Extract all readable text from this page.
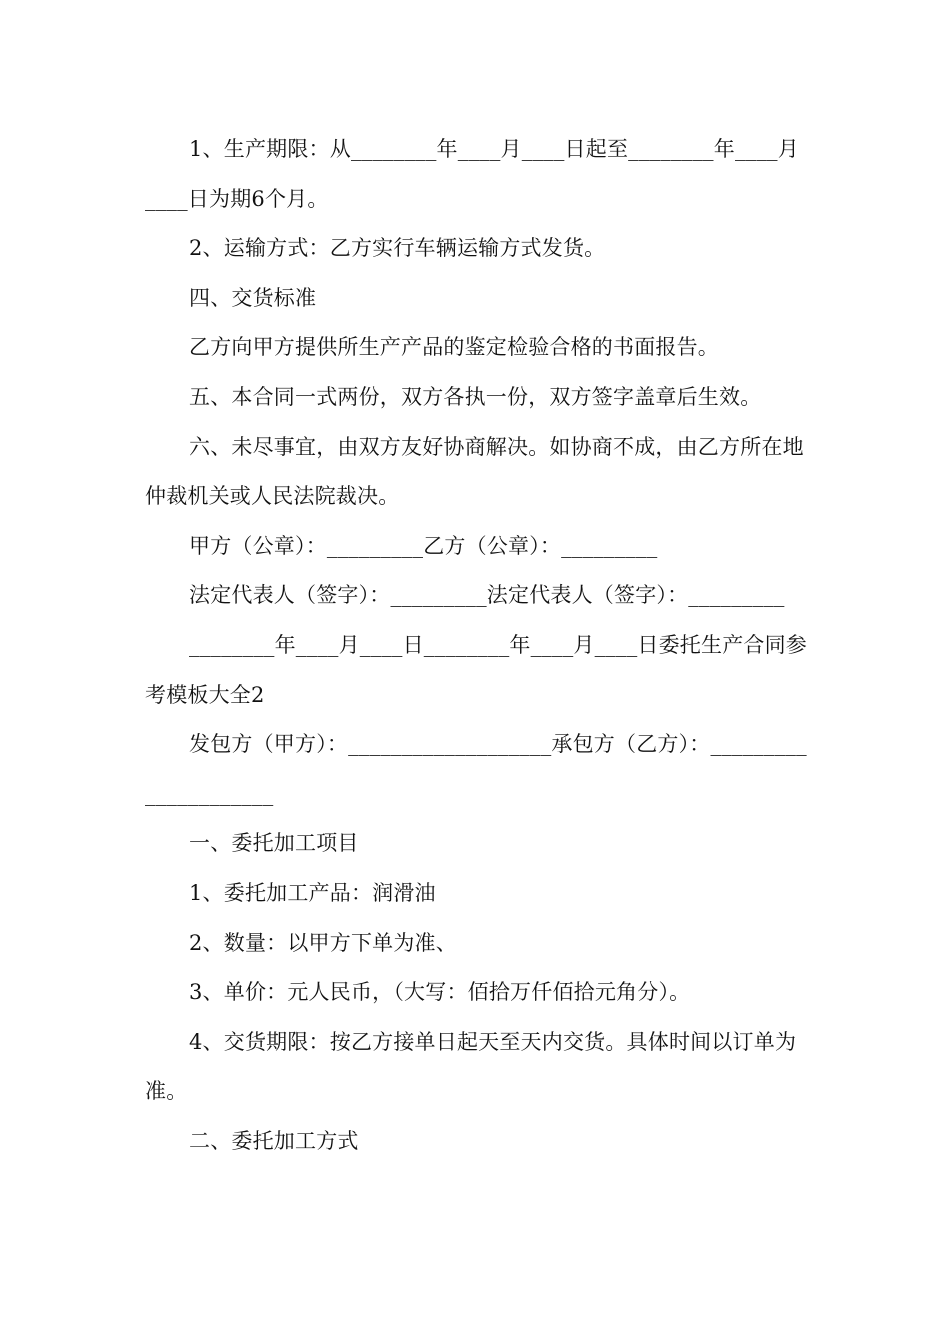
1、生产期限：从________年____月____日起至________年____月____日为期6个月。

2、运输方式：乙方实行车辆运输方式发货。

四、交货标准

乙方向甲方提供所生产产品的鉴定检验合格的书面报告。

五、本合同一式两份，双方各执一份，双方签字盖章后生效。

六、未尽事宜，由双方友好协商解决。如协商不成，由乙方所在地仲裁机关或人民法院裁决。

甲方（公章）：_________乙方（公章）：_________

法定代表人（签字）：_________法定代表人（签字）：_________

________年____月____日________年____月____日委托生产合同参考模板大全2

发包方（甲方）：___________________承包方（乙方）：_____________________

一、委托加工项目

1、委托加工产品：润滑油

2、数量：以甲方下单为准、

3、单价：元人民币，（大写：佰拾万仟佰拾元角分）。

4、交货期限：按乙方接单日起天至天内交货。具体时间以订单为准。

二、委托加工方式
